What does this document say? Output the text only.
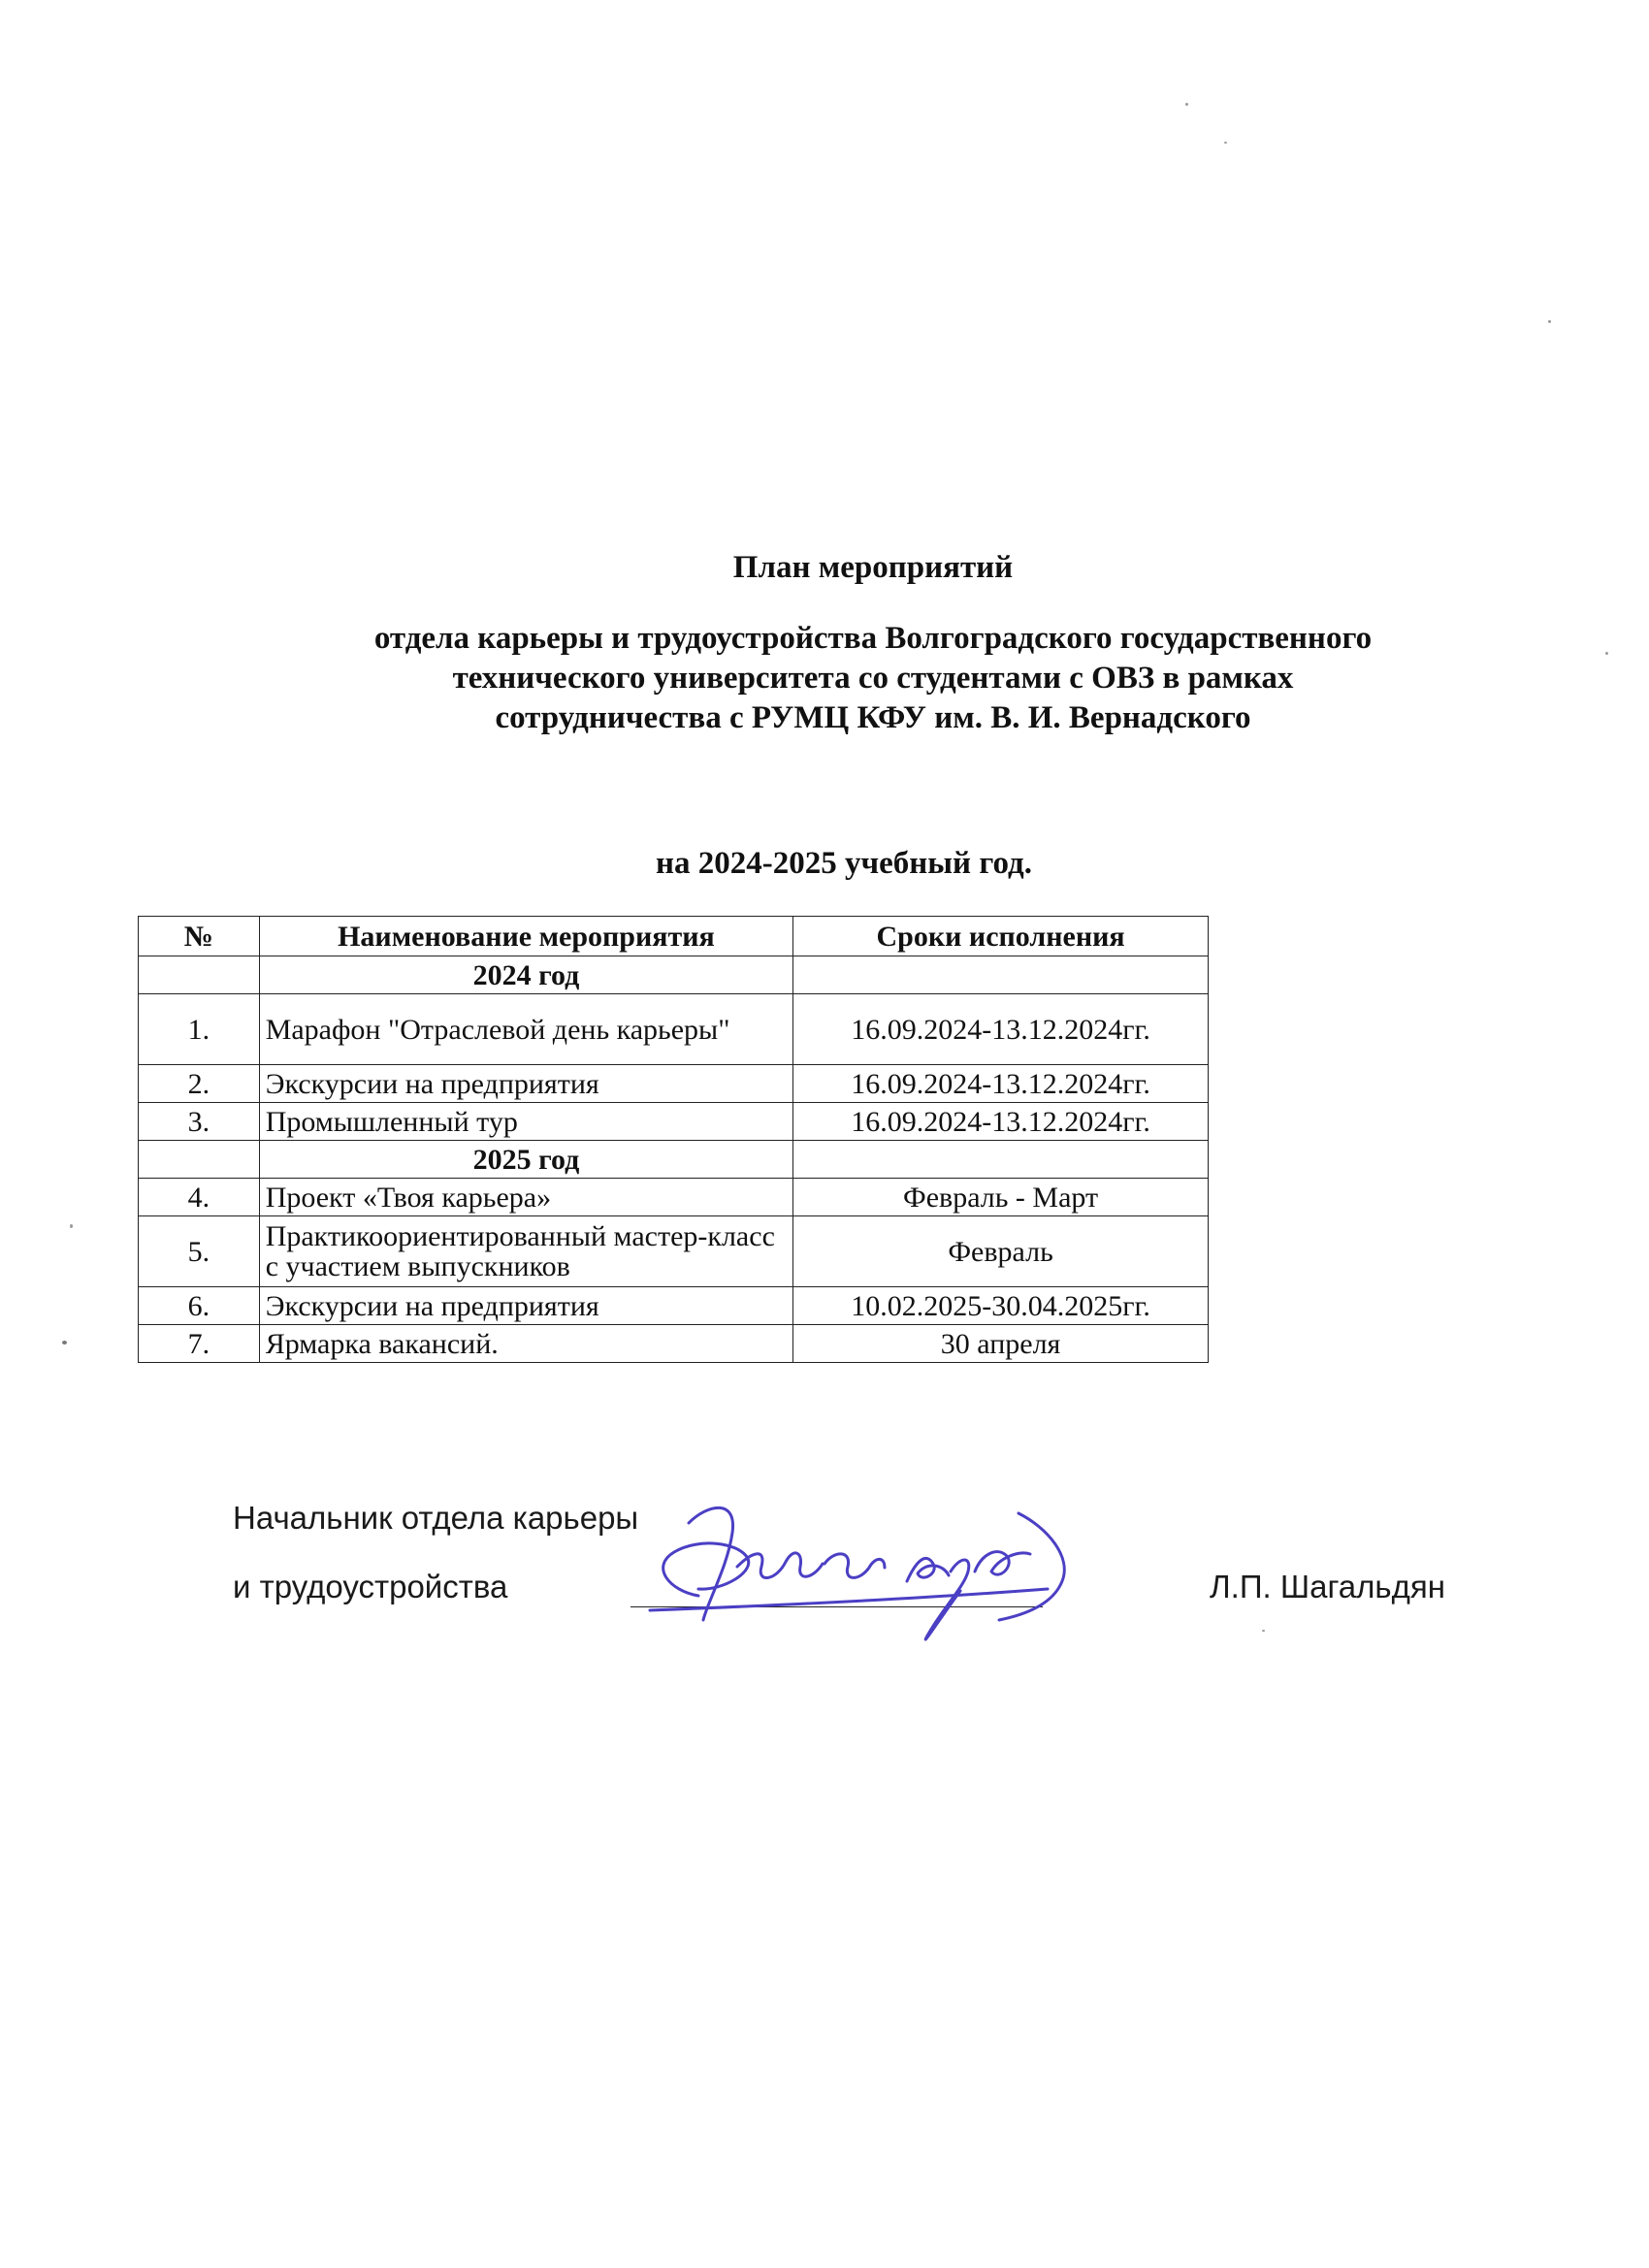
План мероприятий
отдела карьеры и трудоустройства Волгоградского государственного
технического университета со студентами с ОВЗ в рамках
сотрудничества с РУМЦ КФУ им. В. И. Вернадского
на 2024-2025 учебный год.
№	Наименование мероприятия	Сроки исполнения
	2024 год	
1.	Марафон "Отраслевой день карьеры"	16.09.2024-13.12.2024гг.
2.	Экскурсии на предприятия	16.09.2024-13.12.2024гг.
3.	Промышленный тур	16.09.2024-13.12.2024гг.
	2025 год	
4.	Проект «Твоя карьера»	Февраль - Март
5.	Практикоориентированный мастер-класс с участием выпускников	Февраль
6.	Экскурсии на предприятия	10.02.2025-30.04.2025гг.
7.	Ярмарка вакансий.	30 апреля
Начальник отдела карьеры
и трудоустройства	Л.П. Шагальдян
